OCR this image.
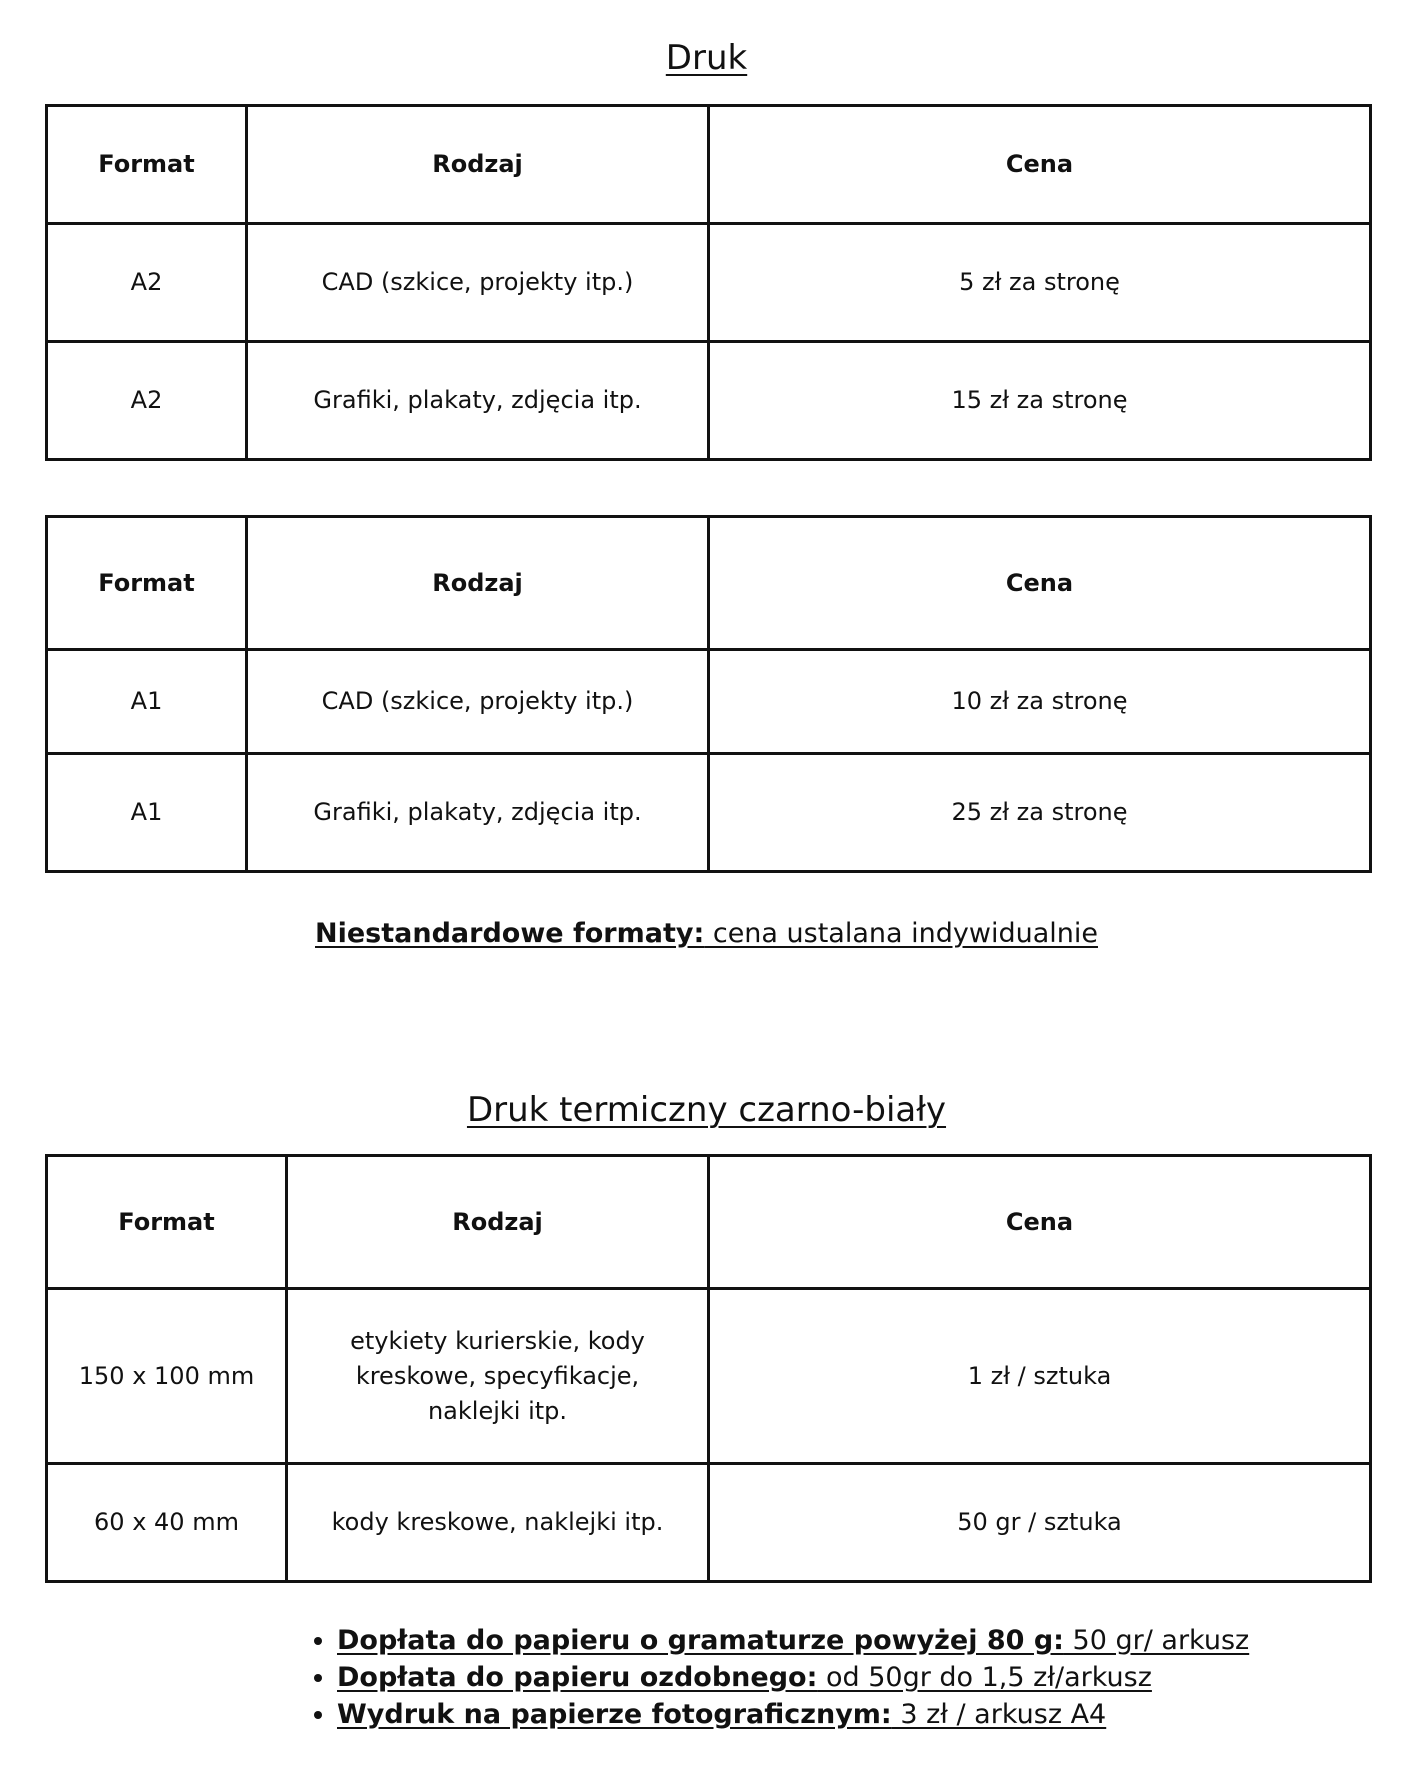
Druk
Format	Rodzaj	Cena
A2	CAD (szkice, projekty itp.)	5 zł za stronę
A2	Grafiki, plakaty, zdjęcia itp.	15 zł za stronę
Format	Rodzaj	Cena
A1	CAD (szkice, projekty itp.)	10 zł za stronę
A1	Grafiki, plakaty, zdjęcia itp.	25 zł za stronę
Niestandardowe formaty: cena ustalana indywidualnie
Druk termiczny czarno-biały
Format	Rodzaj	Cena
150 x 100 mm	etykiety kurierskie, kody kreskowe, specyfikacje, naklejki itp.	1 zł / sztuka
60 x 40 mm	kody kreskowe, naklejki itp.	50 gr / sztuka
• Dopłata do papieru o gramaturze powyżej 80 g: 50 gr/ arkusz
• Dopłata do papieru ozdobnego: od 50gr do 1,5 zł/arkusz
• Wydruk na papierze fotograficznym: 3 zł / arkusz A4
